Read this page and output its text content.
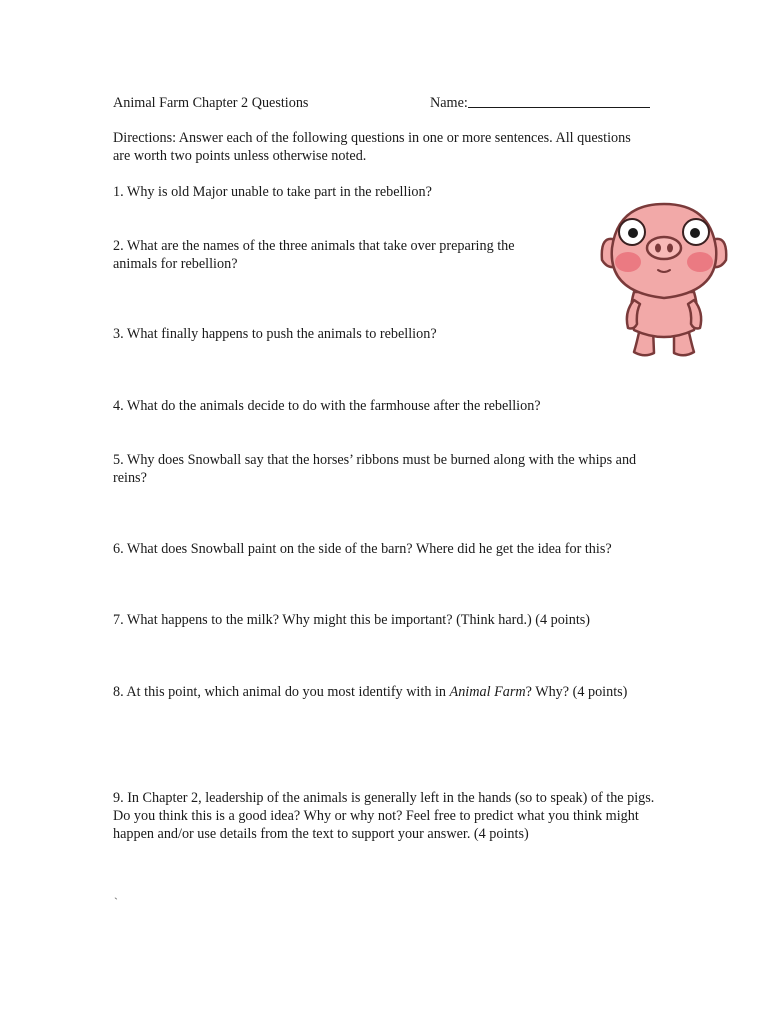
Animal Farm Chapter 2 Questions	Name:
Directions: Answer each of the following questions in one or more sentences. All questions are worth two points unless otherwise noted.
1. Why is old Major unable to take part in the rebellion?
2. What are the names of the three animals that take over preparing the animals for rebellion?
3. What finally happens to push the animals to rebellion?
4. What do the animals decide to do with the farmhouse after the rebellion?
5. Why does Snowball say that the horses’ ribbons must be burned along with the whips and reins?
6. What does Snowball paint on the side of the barn? Where did he get the idea for this?
7. What happens to the milk? Why might this be important? (Think hard.) (4 points)
8. At this point, which animal do you most identify with in Animal Farm? Why? (4 points)
9. In Chapter 2, leadership of the animals is generally left in the hands (so to speak) of the pigs. Do you think this is a good idea? Why or why not? Feel free to predict what you think might happen and/or use details from the text to support your answer. (4 points)
`
